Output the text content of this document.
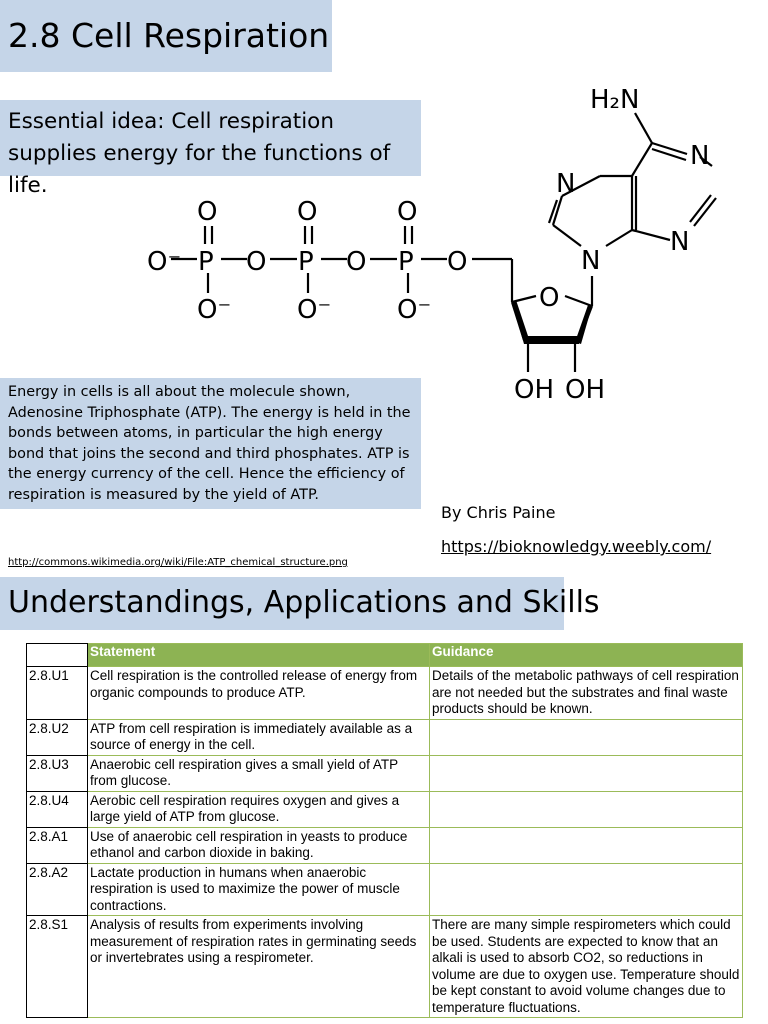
O⁻ P O P O P O
O	O	O
O⁻	O⁻	O⁻	O
OH OH
N
N
N
N
H₂N
2.8 Cell Respiration
Essential idea: Cell respiration supplies energy for the functions of life.
Energy in cells is all about the molecule shown, Adenosine Triphosphate (ATP). The energy is held in the bonds between atoms, in particular the high energy bond that joins the second and third phosphates. ATP is the energy currency of the cell. Hence the efficiency of respiration is measured by the yield of ATP.
By Chris Paine
https://bioknowledgy.weebly.com/
http://commons.wikimedia.org/wiki/File:ATP_chemical_structure.png
Understandings, Applications and Skills
	Statement	Guidance
2.8.U1	Cell respiration is the controlled release of energy from organic compounds to produce ATP.	Details of the metabolic pathways of cell respiration are not needed but the substrates and final waste products should be known.
2.8.U2	ATP from cell respiration is immediately available as a source of energy in the cell.	
2.8.U3	Anaerobic cell respiration gives a small yield of ATP from glucose.	
2.8.U4	Aerobic cell respiration requires oxygen and gives a large yield of ATP from glucose.	
2.8.A1	Use of anaerobic cell respiration in yeasts to produce ethanol and carbon dioxide in baking.	
2.8.A2	Lactate production in humans when anaerobic respiration is used to maximize the power of muscle contractions.	
2.8.S1	Analysis of results from experiments involving measurement of respiration rates in germinating seeds or invertebrates using a respirometer.	There are many simple respirometers which could be used. Students are expected to know that an alkali is used to absorb CO2, so reductions in volume are due to oxygen use. Temperature should be kept constant to avoid volume changes due to temperature fluctuations.
